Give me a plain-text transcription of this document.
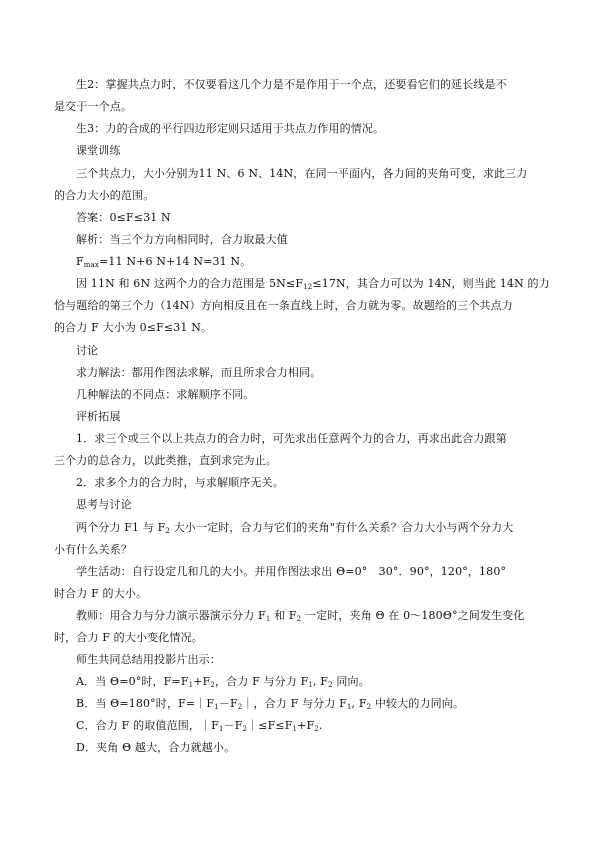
生2：掌握共点力时，不仅要看这几个力是不是作用于一个点，还要看它们的延长线是不
是交于一个点。
生3：力的合成的平行四边形定则只适用于共点力作用的情况。
课堂训练
三个共点力，大小分别为11 N、6 N、14N，在同一平面内，各力间的夹角可变，求此三力
的合力大小的范围。
答案：0≤F≤31 N
解析：当三个力方向相同时，合力取最大值
$F_{max}=11$ N+6 N+14 N=31 N。
因 11N 和 6N 这两个力的合力范围是 $5N\le F_{12}\le 17N$，其合力可以为 14N，则当此 14N 的力
恰与题给的第三个力（14N）方向相反且在一条直线上时，合力就为零。故题给的三个共点力
的合力 F 大小为 0≤F≤31 N。
讨论
求力解法：都用作图法求解，而且所求合力相同。
几种解法的不同点：求解顺序不同。
评析拓展
1．求三个或三个以上共点力的合力时，可先求出任意两个力的合力，再求出此合力跟第
三个力的总合力，以此类推，直到求完为止。
2．求多个力的合力时，与求解顺序无关。
思考与讨论
两个分力 F1 与 $F_2$ 大小一定时，合力与它们的夹角"有什么关系？合力大小与两个分力大
小有什么关系？
学生活动：自行设定几和几的大小。并用作图法求出 Θ=0°　30°．90°，120°，180°
时合力 F 的大小。
教师：用合力与分力演示器演示分力 $F_1$ 和 $F_2$ 一定时，夹角 Θ 在 0～180Θ°之间发生变化
时，合力 F 的大小变化情况。
师生共同总结用投影片出示：
A．当 Θ=0°时，$F=F_1+F_2$，合力 F 与分力 $F_1$, $F_2$ 同向。
B．当 Θ=180°时，$F=|F_1-F_2|$，合力 F 与分力 $F_1$, $F_2$ 中较大的力同向。
C．合力 F 的取值范围，$|F_1-F_2|\le F\le F_1+F_2$.
D．夹角 Θ 越大，合力就越小。
